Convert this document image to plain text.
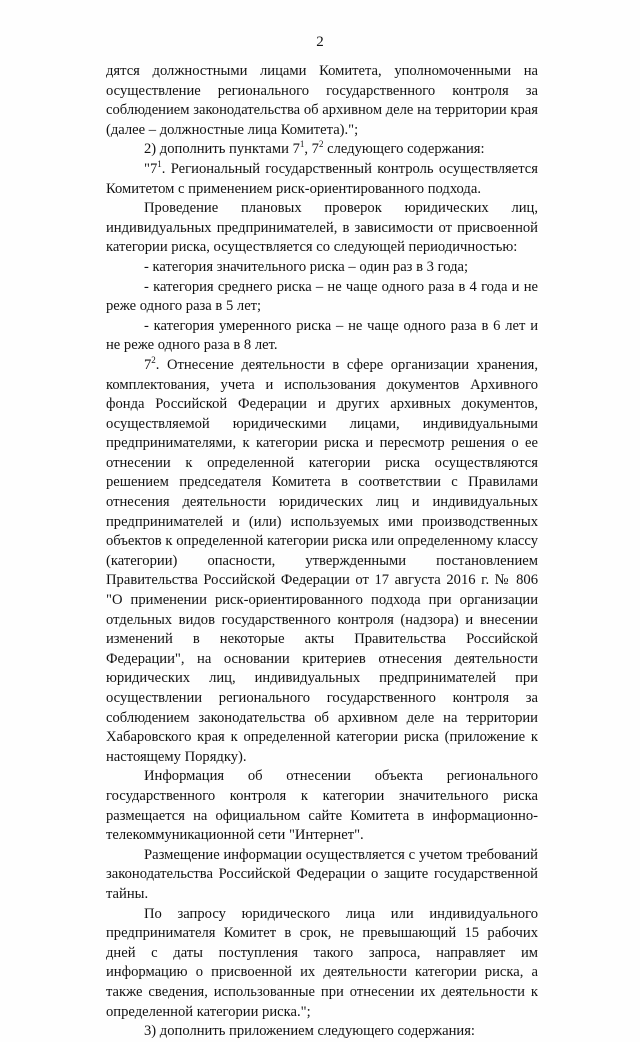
2

дятся должностными лицами Комитета, уполномоченными на осуществление регионального государственного контроля за соблюдением законодательства об архивном деле на территории края (далее – должностные лица Комитета).";

2) дополнить пунктами $7^1$, $7^2$ следующего содержания:

"$7^1$. Региональный государственный контроль осуществляется Комитетом с применением риск-ориентированного подхода.

Проведение плановых проверок юридических лиц, индивидуальных предпринимателей, в зависимости от присвоенной категории риска, осуществляется со следующей периодичностью:

- категория значительного риска – один раз в 3 года;

- категория среднего риска – не чаще одного раза в 4 года и не реже одного раза в 5 лет;

- категория умеренного риска – не чаще одного раза в 6 лет и не реже одного раза в 8 лет.

$7^2$. Отнесение деятельности в сфере организации хранения, комплектования, учета и использования документов Архивного фонда Российской Федерации и других архивных документов, осуществляемой юридическими лицами, индивидуальными предпринимателями, к категории риска и пересмотр решения о ее отнесении к определенной категории риска осуществляются решением председателя Комитета в соответствии с Правилами отнесения деятельности юридических лиц и индивидуальных предпринимателей и (или) используемых ими производственных объектов к определенной категории риска или определенному классу (категории) опасности, утвержденными постановлением Правительства Российской Федерации от 17 августа 2016 г. № 806 "О применении риск-ориентированного подхода при организации отдельных видов государственного контроля (надзора) и внесении изменений в некоторые акты Правительства Российской Федерации", на основании критериев отнесения деятельности юридических лиц, индивидуальных предпринимателей при осуществлении регионального государственного контроля за соблюдением законодательства об архивном деле на территории Хабаровского края к определенной категории риска (приложение к настоящему Порядку).

Информация об отнесении объекта регионального государственного контроля к категории значительного риска размещается на официальном сайте Комитета в информационно-телекоммуникационной сети "Интернет".

Размещение информации осуществляется с учетом требований законодательства Российской Федерации о защите государственной тайны.

По запросу юридического лица или индивидуального предпринимателя Комитет в срок, не превышающий 15 рабочих дней с даты поступления такого запроса, направляет им информацию о присвоенной их деятельности категории риска, а также сведения, использованные при отнесении их деятельности к определенной категории риска.";

3) дополнить приложением следующего содержания:
